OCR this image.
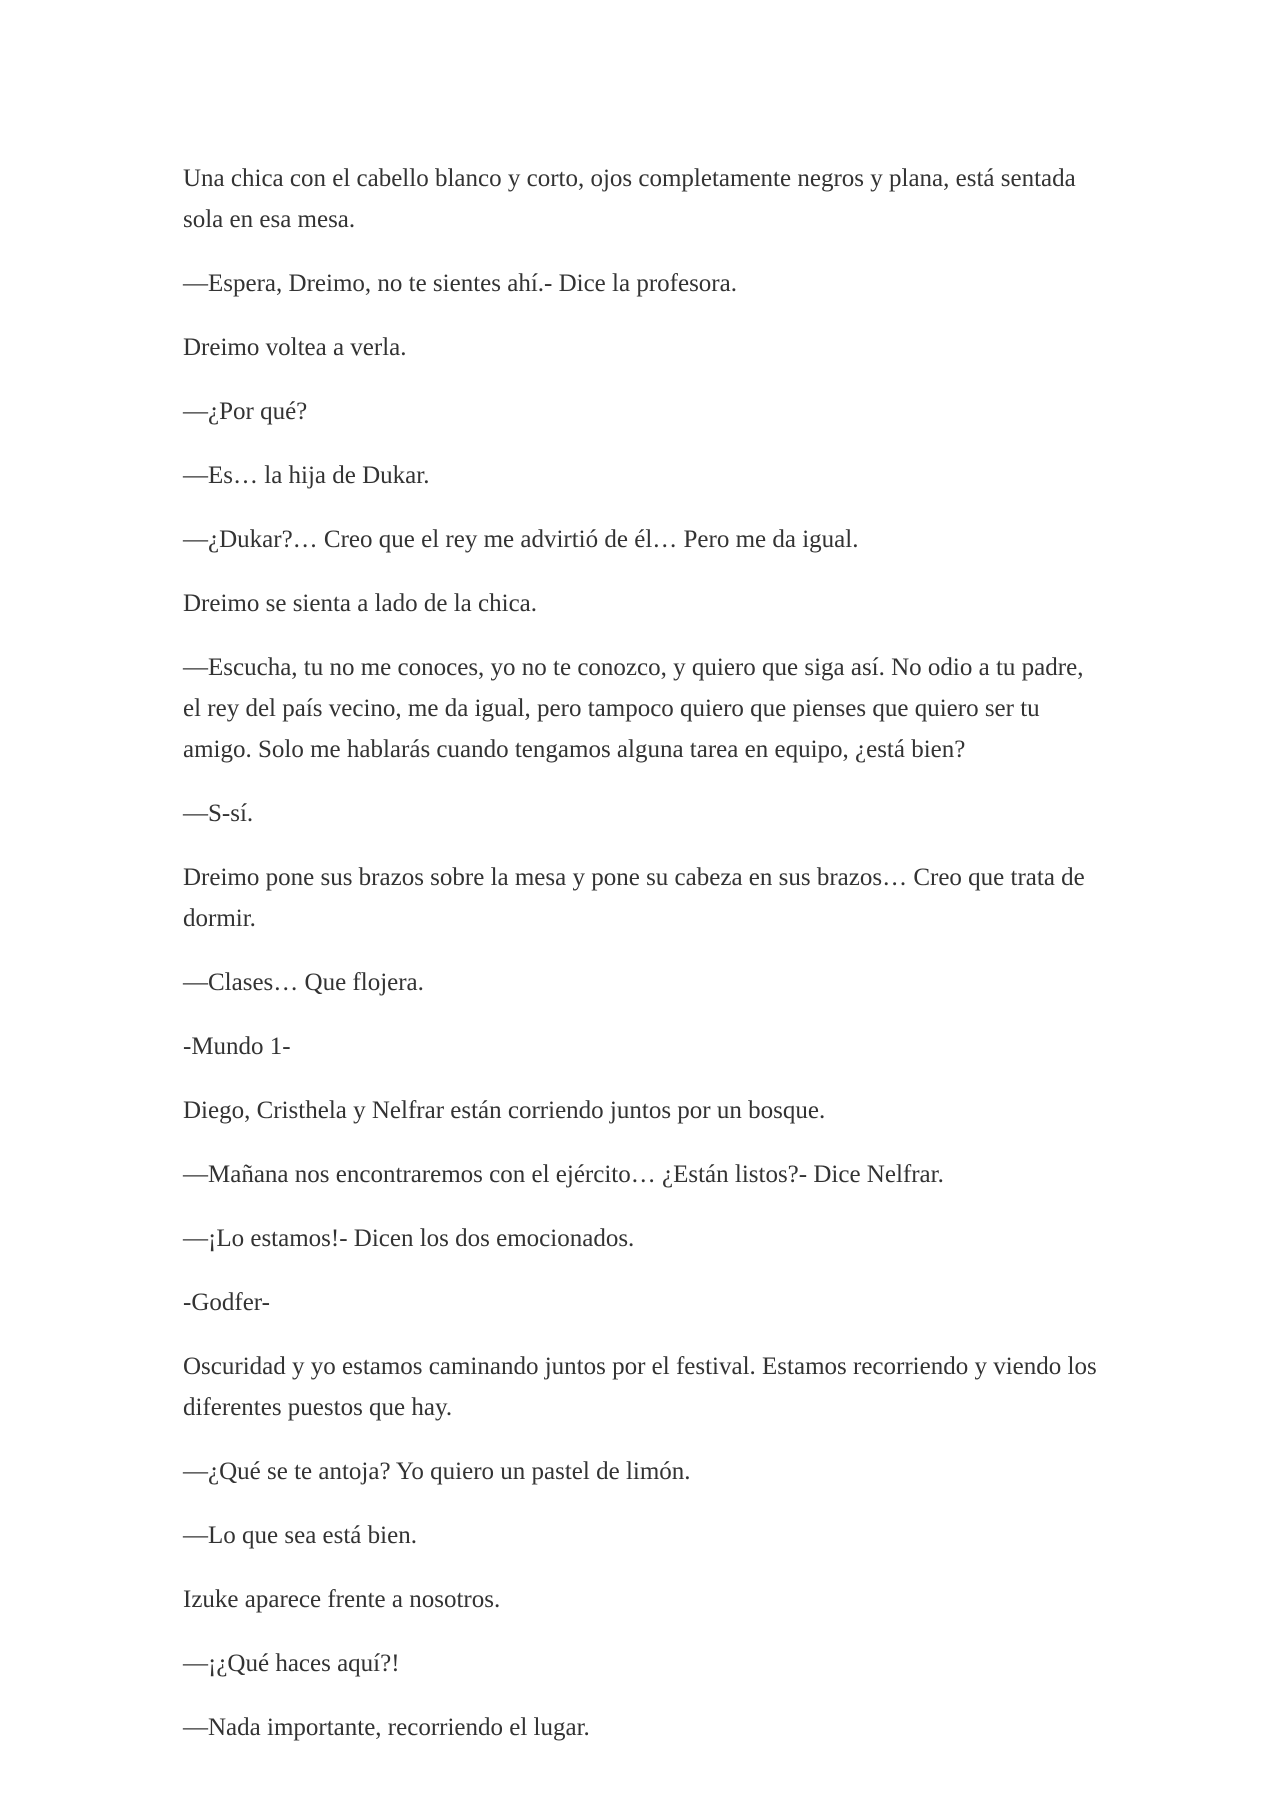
Una chica con el cabello blanco y corto, ojos completamente negros y plana, está sentada sola en esa mesa.

—Espera, Dreimo, no te sientes ahí.- Dice la profesora.

Dreimo voltea a verla.

—¿Por qué?

—Es… la hija de Dukar.

—¿Dukar?… Creo que el rey me advirtió de él… Pero me da igual.

Dreimo se sienta a lado de la chica.

—Escucha, tu no me conoces, yo no te conozco, y quiero que siga así. No odio a tu padre, el rey del país vecino, me da igual, pero tampoco quiero que pienses que quiero ser tu amigo. Solo me hablarás cuando tengamos alguna tarea en equipo, ¿está bien?

—S-sí.

Dreimo pone sus brazos sobre la mesa y pone su cabeza en sus brazos… Creo que trata de dormir.

—Clases… Que flojera.

-Mundo 1-

Diego, Cristhela y Nelfrar están corriendo juntos por un bosque.

—Mañana nos encontraremos con el ejército… ¿Están listos?- Dice Nelfrar.

—¡Lo estamos!- Dicen los dos emocionados.

-Godfer-

Oscuridad y yo estamos caminando juntos por el festival. Estamos recorriendo y viendo los diferentes puestos que hay.

—¿Qué se te antoja? Yo quiero un pastel de limón.

—Lo que sea está bien.

Izuke aparece frente a nosotros.

—¡¿Qué haces aquí?!

—Nada importante, recorriendo el lugar.
